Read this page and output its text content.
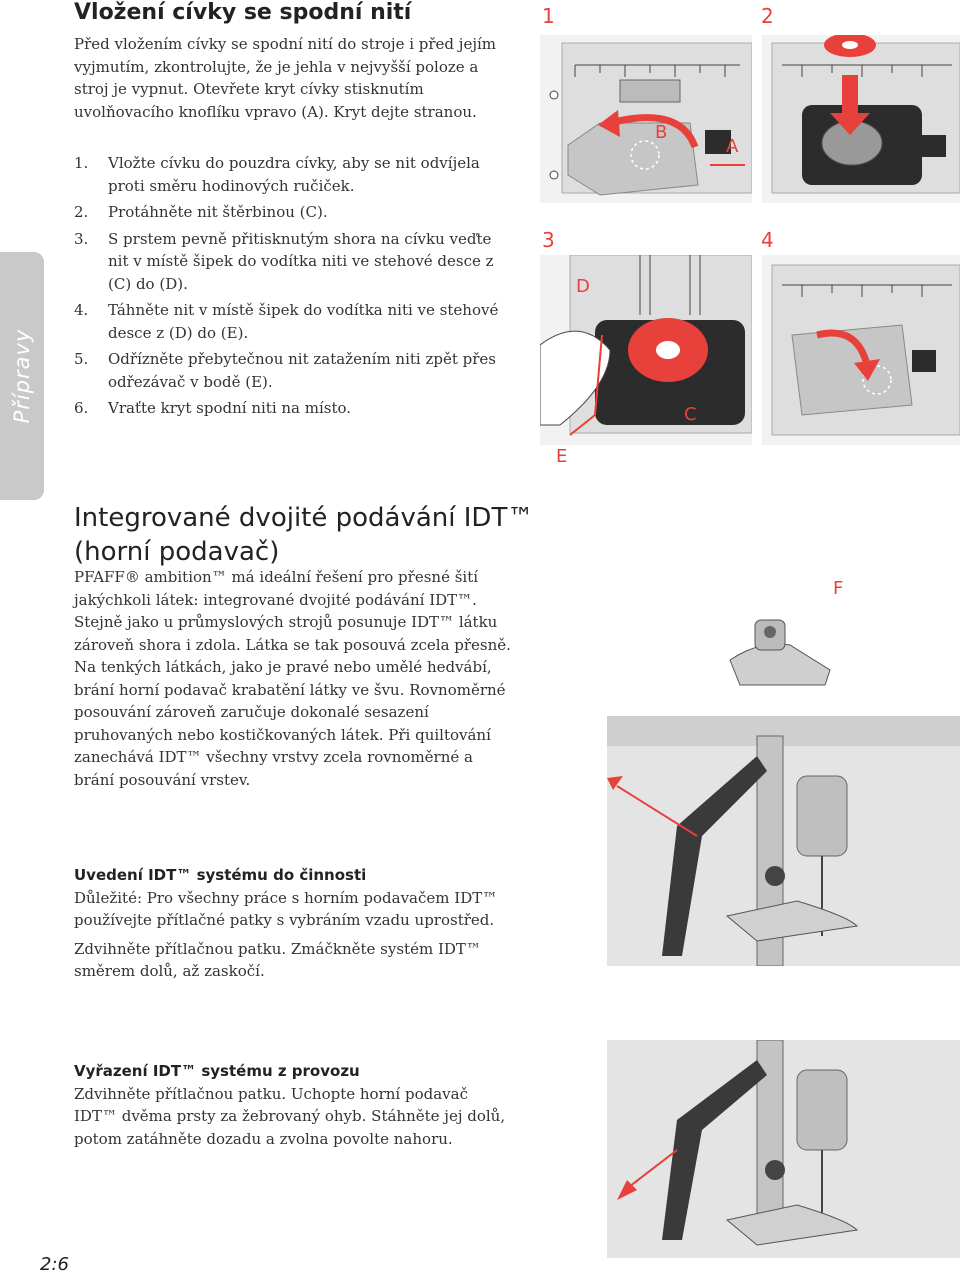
Přípravy
Vložení cívky se spodní nití

Před vložením cívky se spodní nití do stroje i před jejím vyjmutím, zkontrolujte, že je jehla v nejvyšší poloze a stroj je vypnut. Otevřete kryt cívky stisknutím uvolňovacího knoflíku vpravo (A). Kryt dejte stranou.

1.	Vložte cívku do pouzdra cívky, aby se nit odvíjela proti směru hodinových ručiček.
2.	Protáhněte nit štěrbinou (C).
3.	S prstem pevně přitisknutým shora na cívku veďte nit v místě šipek do vodítka niti ve stehové desce z (C) do (D).
4.	Táhněte nit v místě šipek do vodítka niti ve stehové desce z (D) do (E).
5.	Odřízněte přebytečnou nit zatažením niti zpět přes odřezávač v bodě (E).
6.	Vraťte kryt spodní niti na místo.
Integrované dvojité podávání IDT™
(horní podavač)

PFAFF® ambition™ má ideální řešení pro přesné šití jakýchkoli látek: integrované dvojité podávání IDT™. Stejně jako u průmyslových strojů posunuje IDT™ látku zároveň shora i zdola. Látka se tak posouvá zcela přesně. Na tenkých látkách, jako je pravé nebo umělé hedvábí, brání horní podavač krabatění látky ve švu. Rovnoměrné posouvání zároveň zaručuje dokonalé sesazení pruhovaných nebo kostičkovaných látek. Při quiltování zanechává IDT™ všechny vrstvy zcela rovnoměrné a brání posouvání vrstev.

Uvedení IDT™ systému do činnosti

Důležité: Pro všechny práce s horním podavačem IDT™ používejte přítlačné patky s vybráním vzadu uprostřed.

Zdvihněte přítlačnou patku. Zmáčkněte systém IDT™ směrem dolů, až zaskočí.

Vyřazení IDT™ systému z provozu

Zdvihněte přítlačnou patku. Uchopte horní podavač IDT™ dvěma prsty za žebrovaný ohyb. Stáhněte jej dolů, potom zatáhněte dozadu a zvolna povolte nahoru.

2:6
1	2
3	4
B
A
D
E
C
F
